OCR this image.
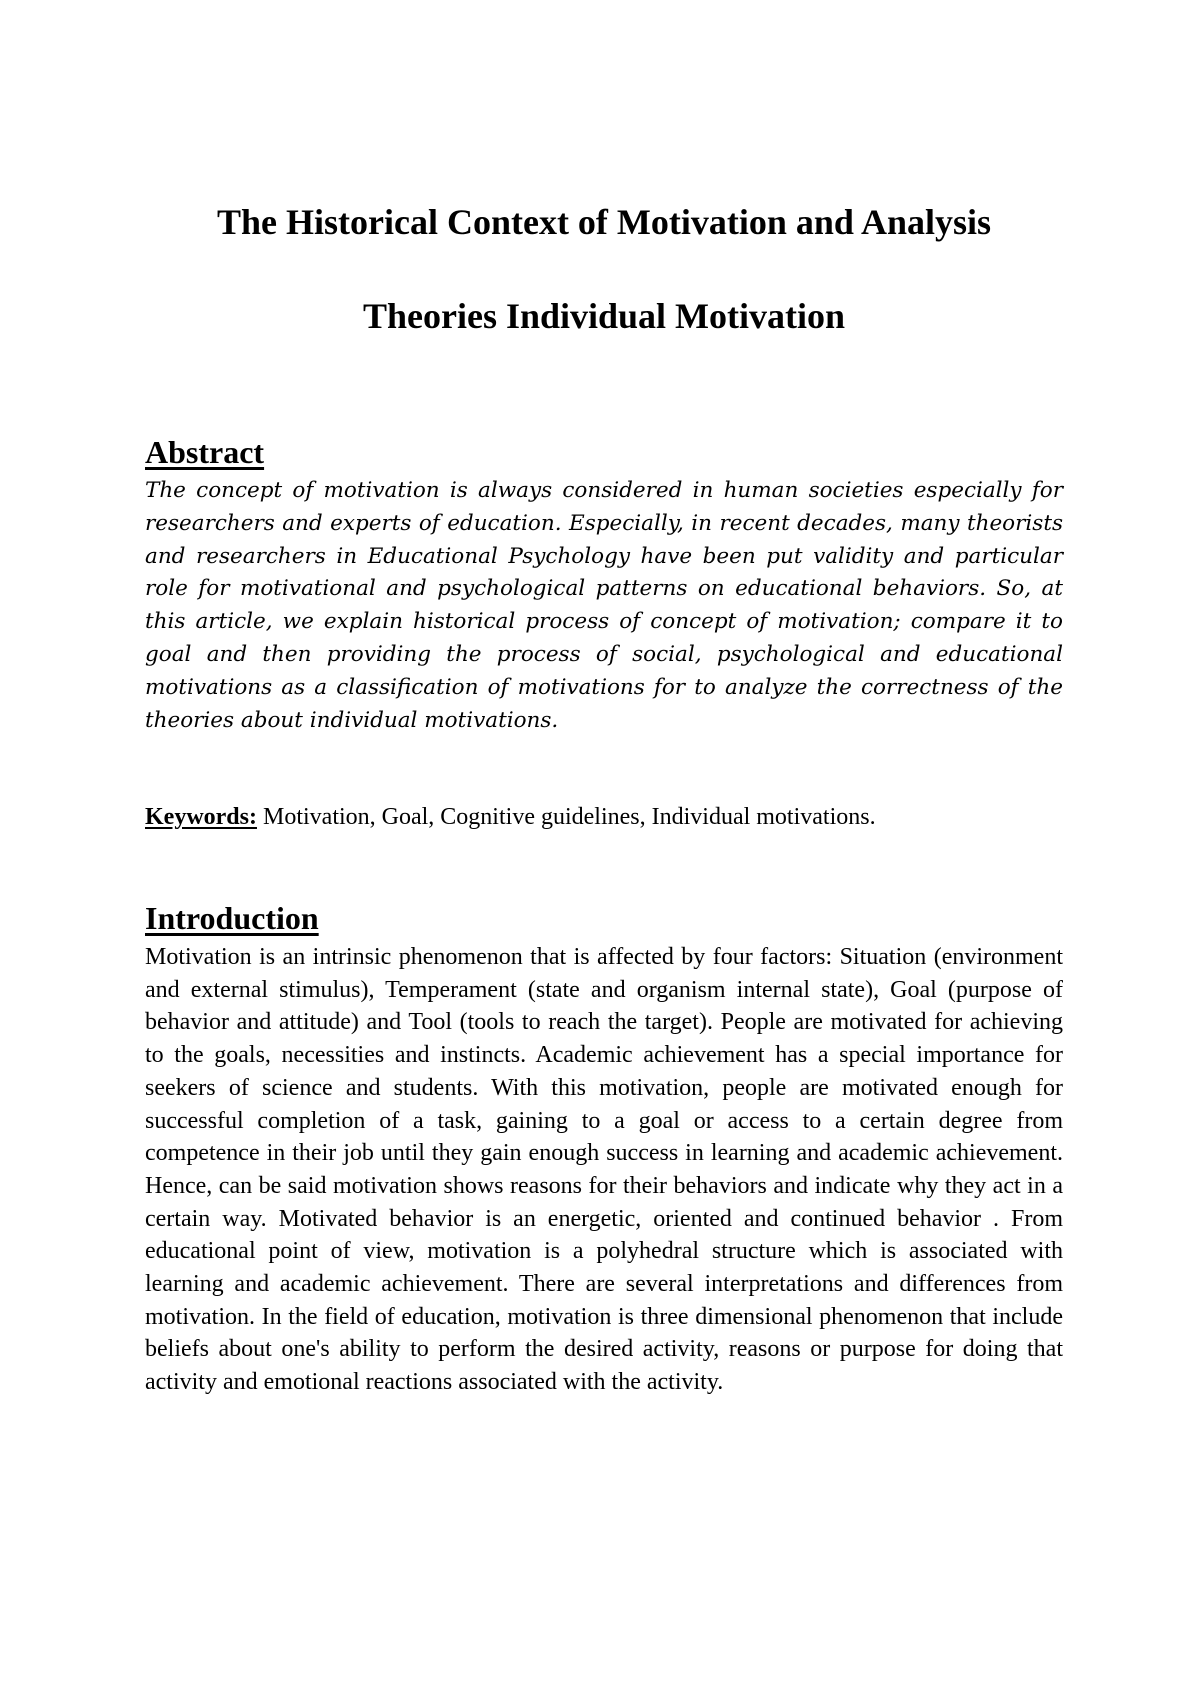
The Historical Context of Motivation and Analysis
Theories Individual Motivation
Abstract

The concept of motivation is always considered in human societies especially for researchers and experts of education. Especially, in recent decades, many theorists and researchers in Educational Psychology have been put validity and particular role for motivational and psychological patterns on educational behaviors. So, at this article, we explain historical process of concept of motivation; compare it to goal and then providing the process of social, psychological and educational motivations as a classification of motivations for to analyze the correctness of the theories about individual motivations.

Keywords: Motivation, Goal, Cognitive guidelines, Individual motivations.

Introduction

Motivation is an intrinsic phenomenon that is affected by four factors: Situation (environment and external stimulus), Temperament (state and organism internal state), Goal (purpose of behavior and attitude) and Tool (tools to reach the target). People are motivated for achieving to the goals, necessities and instincts. Academic achievement has a special importance for seekers of science and students. With this motivation, people are motivated enough for successful completion of a task, gaining to a goal or access to a certain degree from competence in their job until they gain enough success in learning and academic achievement. Hence, can be said motivation shows reasons for their behaviors and indicate why they act in a certain way. Motivated behavior is an energetic, oriented and continued behavior . From educational point of view, motivation is a polyhedral structure which is associated with learning and academic achievement. There are several interpretations and differences from motivation. In the field of education, motivation is three dimensional phenomenon that include beliefs about one's ability to perform the desired activity, reasons or purpose for doing that activity and emotional reactions associated with the activity.
